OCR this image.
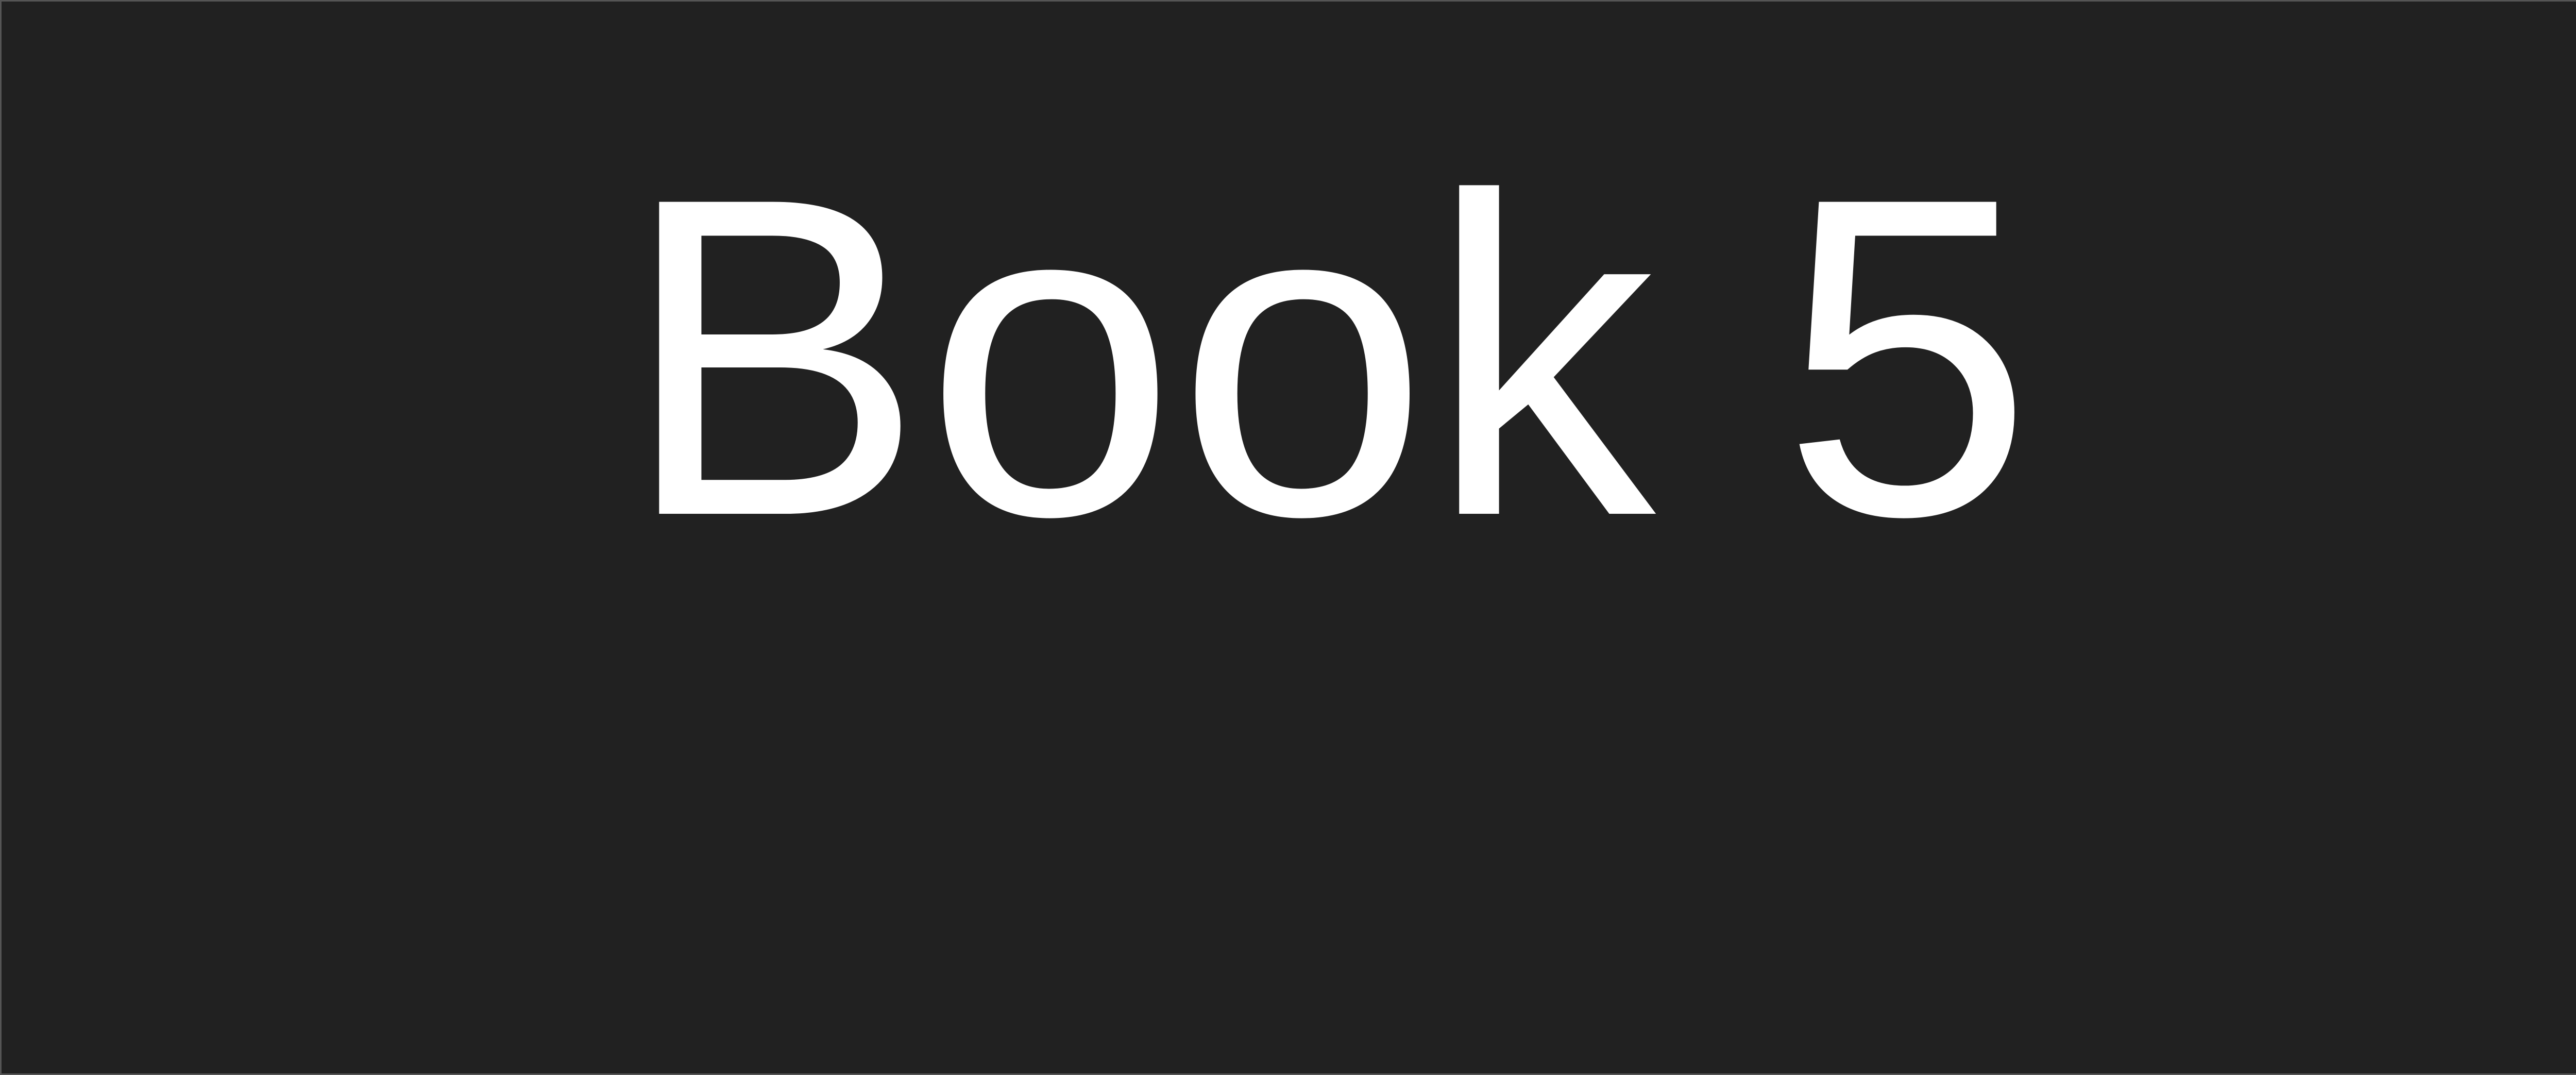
Book 5
